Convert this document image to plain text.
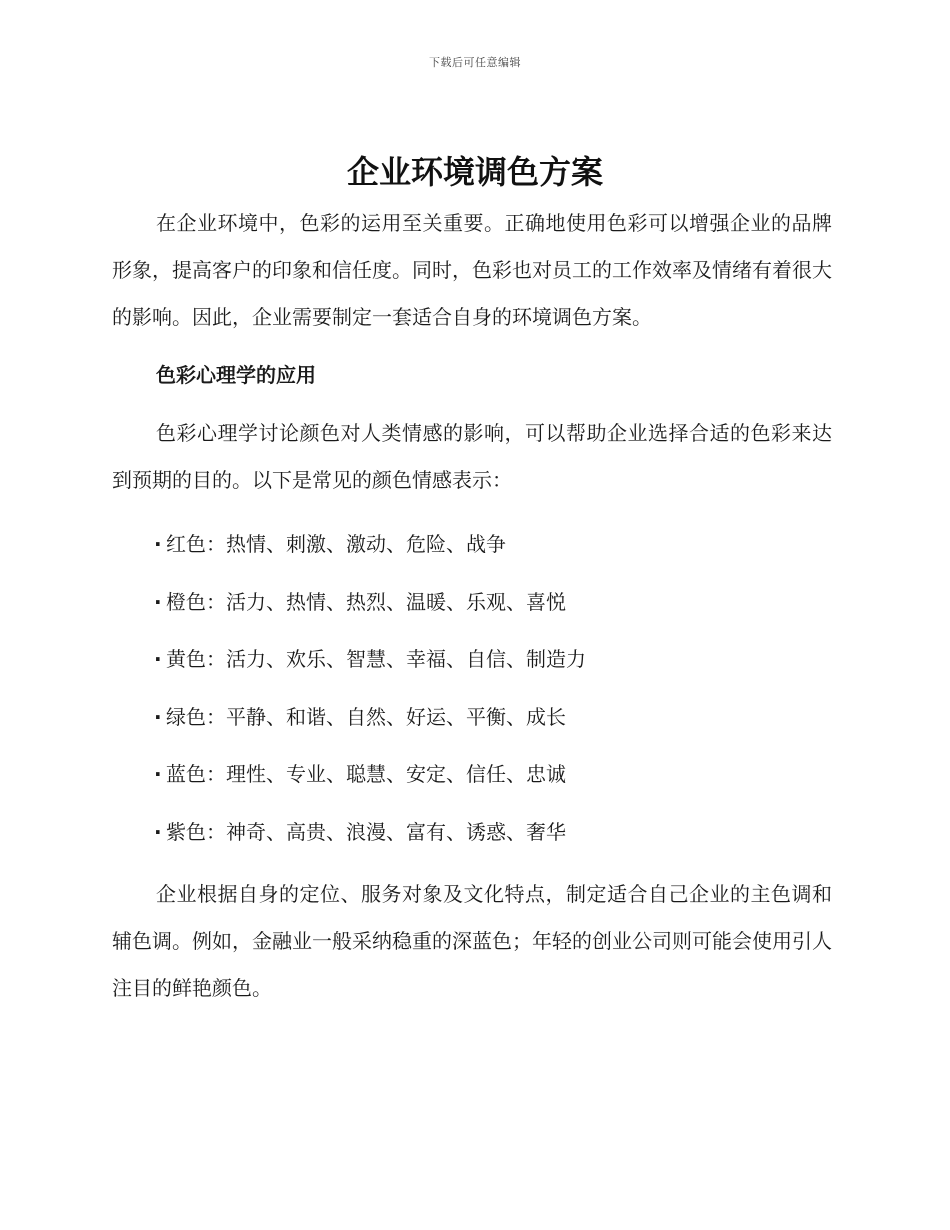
下载后可任意编辑
企业环境调色方案

在企业环境中，色彩的运用至关重要。正确地使用色彩可以增强企业的品牌形象，提高客户的印象和信任度。同时，色彩也对员工的工作效率及情绪有着很大的影响。因此，企业需要制定一套适合自身的环境调色方案。

色彩心理学的应用

色彩心理学讨论颜色对人类情感的影响，可以帮助企业选择合适的色彩来达到预期的目的。以下是常见的颜色情感表示：

· 红色：热情、刺激、激动、危险、战争
· 橙色：活力、热情、热烈、温暖、乐观、喜悦
· 黄色：活力、欢乐、智慧、幸福、自信、制造力
· 绿色：平静、和谐、自然、好运、平衡、成长
· 蓝色：理性、专业、聪慧、安定、信任、忠诚
· 紫色：神奇、高贵、浪漫、富有、诱惑、奢华

企业根据自身的定位、服务对象及文化特点，制定适合自己企业的主色调和辅色调。例如，金融业一般采纳稳重的深蓝色；年轻的创业公司则可能会使用引人注目的鲜艳颜色。
